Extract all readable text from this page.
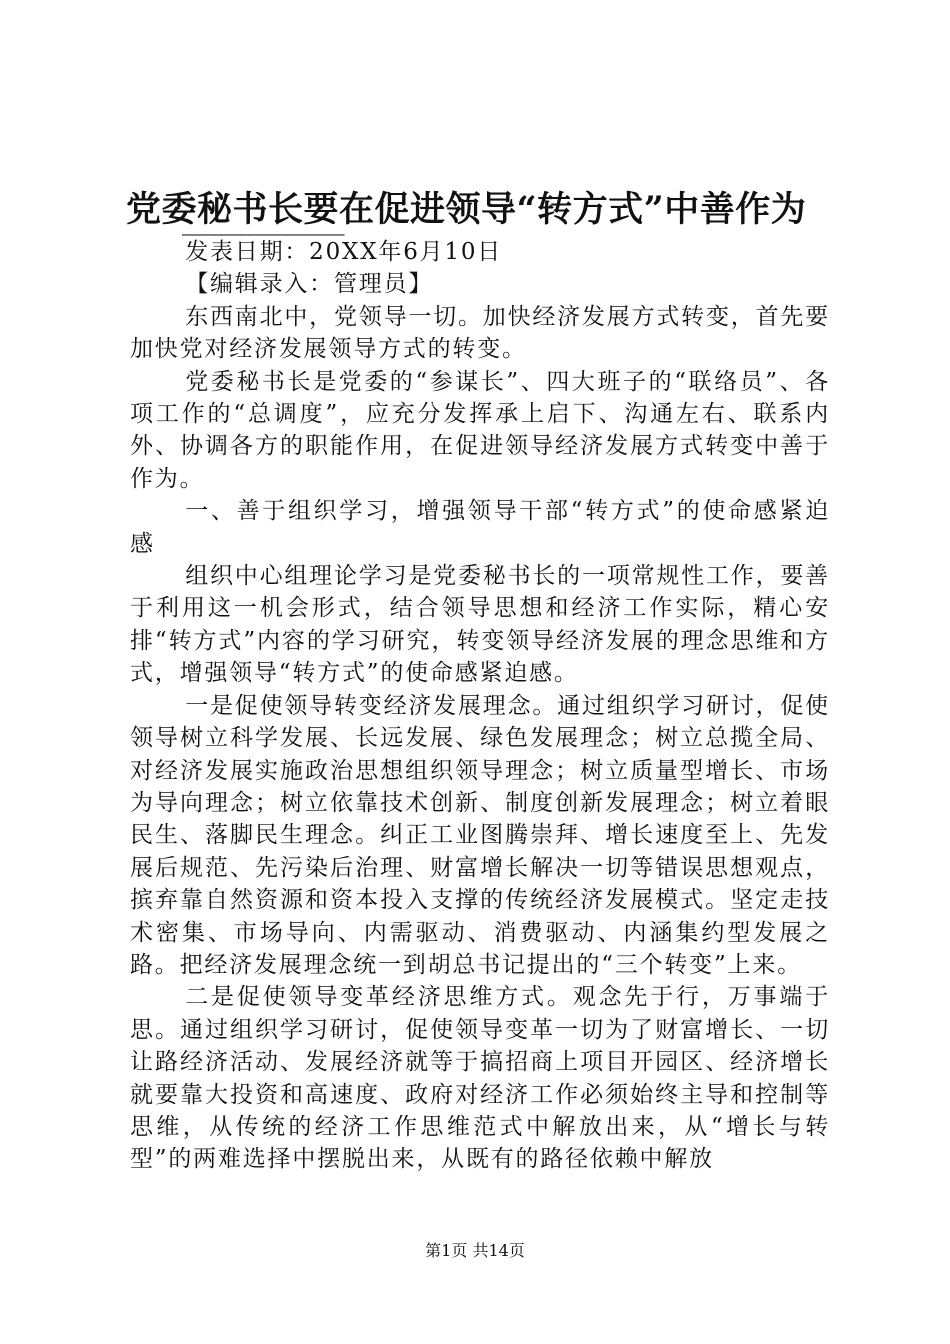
党委秘书长要在促进领导“转方式”中善作为
——————————————————

发表日期：20XX年6月10日

【编辑录入：管理员】

东西南北中，党领导一切。加快经济发展方式转变，首先要加快党对经济发展领导方式的转变。

党委秘书长是党委的“参谋长”、四大班子的“联络员”、各项工作的“总调度”，应充分发挥承上启下、沟通左右、联系内外、协调各方的职能作用，在促进领导经济发展方式转变中善于作为。

一、善于组织学习，增强领导干部“转方式”的使命感紧迫感

组织中心组理论学习是党委秘书长的一项常规性工作，要善于利用这一机会形式，结合领导思想和经济工作实际，精心安排“转方式”内容的学习研究，转变领导经济发展的理念思维和方式，增强领导“转方式”的使命感紧迫感。

一是促使领导转变经济发展理念。通过组织学习研讨，促使领导树立科学发展、长远发展、绿色发展理念；树立总揽全局、对经济发展实施政治思想组织领导理念；树立质量型增长、市场为导向理念；树立依靠技术创新、制度创新发展理念；树立着眼民生、落脚民生理念。纠正工业图腾崇拜、增长速度至上、先发展后规范、先污染后治理、财富增长解决一切等错误思想观点，摈弃靠自然资源和资本投入支撑的传统经济发展模式。坚定走技术密集、市场导向、内需驱动、消费驱动、内涵集约型发展之路。把经济发展理念统一到胡总书记提出的“三个转变”上来。

二是促使领导变革经济思维方式。观念先于行，万事端于思。通过组织学习研讨，促使领导变革一切为了财富增长、一切让路经济活动、发展经济就等于搞招商上项目开园区、经济增长就要靠大投资和高速度、政府对经济工作必须始终主导和控制等思维，从传统的经济工作思维范式中解放出来，从“增长与转型”的两难选择中摆脱出来，从既有的路径依赖中解放

第1页 共14页
